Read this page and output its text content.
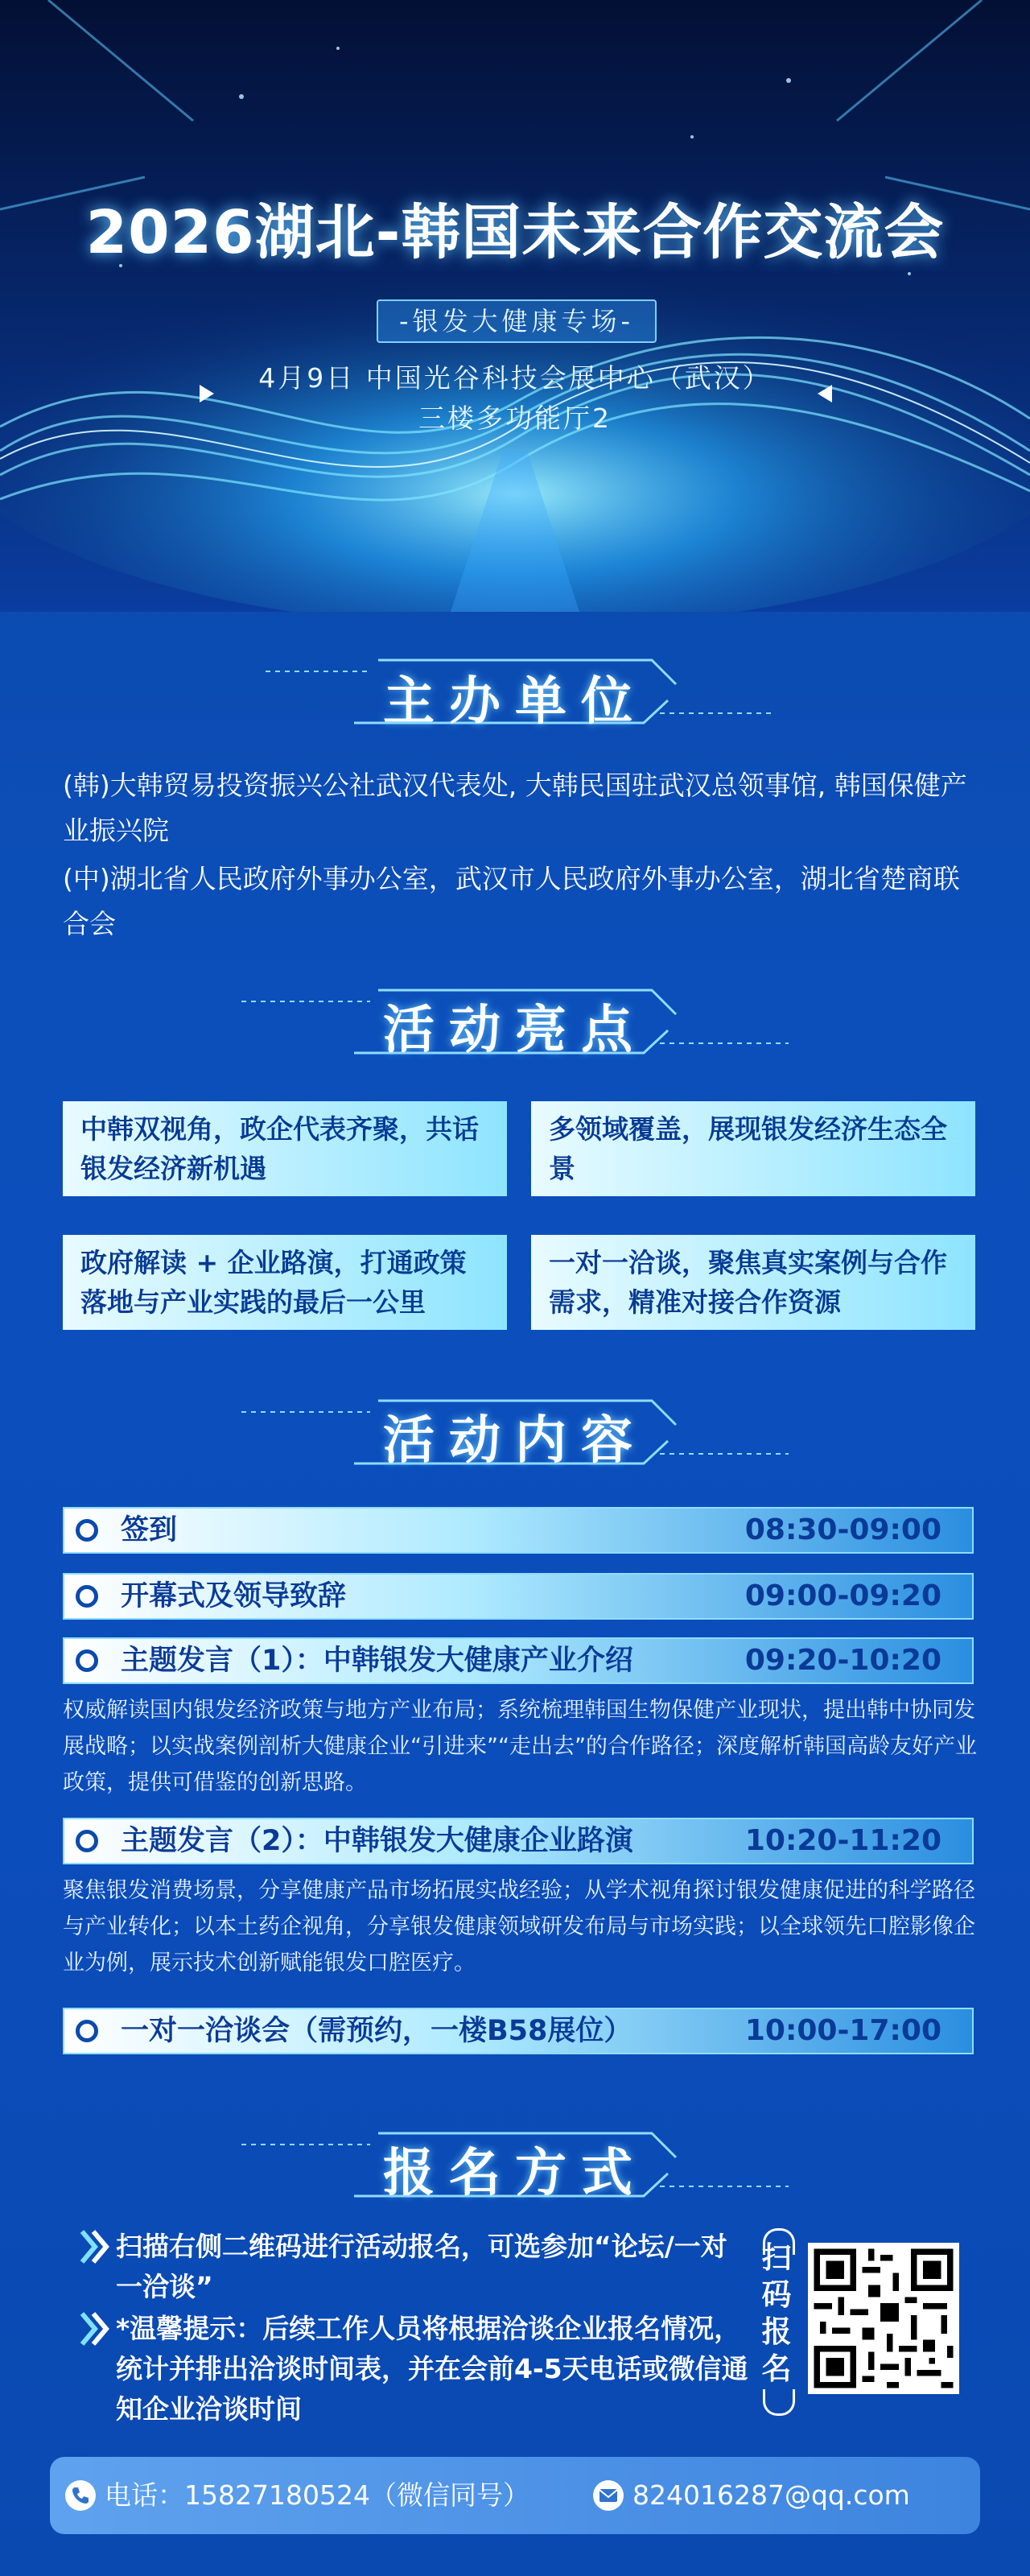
2026湖北-韩国未来合作交流会
-银发大健康专场-
4月9日 中国光谷科技会展中心（武汉）
三楼多功能厅2
主办单位
(韩)大韩贸易投资振兴公社武汉代表处, 大韩民国驻武汉总领事馆, 韩国保健产业振兴院
(中)湖北省人民政府外事办公室，武汉市人民政府外事办公室，湖北省楚商联合会
活动亮点
中韩双视角，政企代表齐聚，共话银发经济新机遇
多领域覆盖，展现银发经济生态全景
政府解读 + 企业路演，打通政策落地与产业实践的最后一公里
一对一洽谈，聚焦真实案例与合作需求，精准对接合作资源
活动内容
签到	08:30-09:00
开幕式及领导致辞	09:00-09:20
主题发言（1）：中韩银发大健康产业介绍	09:20-10:20
权威解读国内银发经济政策与地方产业布局；系统梳理韩国生物保健产业现状，提出韩中协同发展战略；以实战案例剖析大健康企业“引进来”“走出去”的合作路径；深度解析韩国高龄友好产业政策，提供可借鉴的创新思路。
主题发言（2）：中韩银发大健康企业路演	10:20-11:20
聚焦银发消费场景，分享健康产品市场拓展实战经验；从学术视角探讨银发健康促进的科学路径与产业转化；以本土药企视角，分享银发健康领域研发布局与市场实践；以全球领先口腔影像企业为例，展示技术创新赋能银发口腔医疗。
一对一洽谈会（需预约，一楼B58展位）	10:00-17:00
报名方式
扫描右侧二维码进行活动报名，可选参加“论坛/一对一洽谈”
*温馨提示：后续工作人员将根据洽谈企业报名情况，统计并排出洽谈时间表，并在会前4-5天电话或微信通知企业洽谈时间
扫
码
报
名
电话：15827180524（微信同号）	824016287@qq.com
